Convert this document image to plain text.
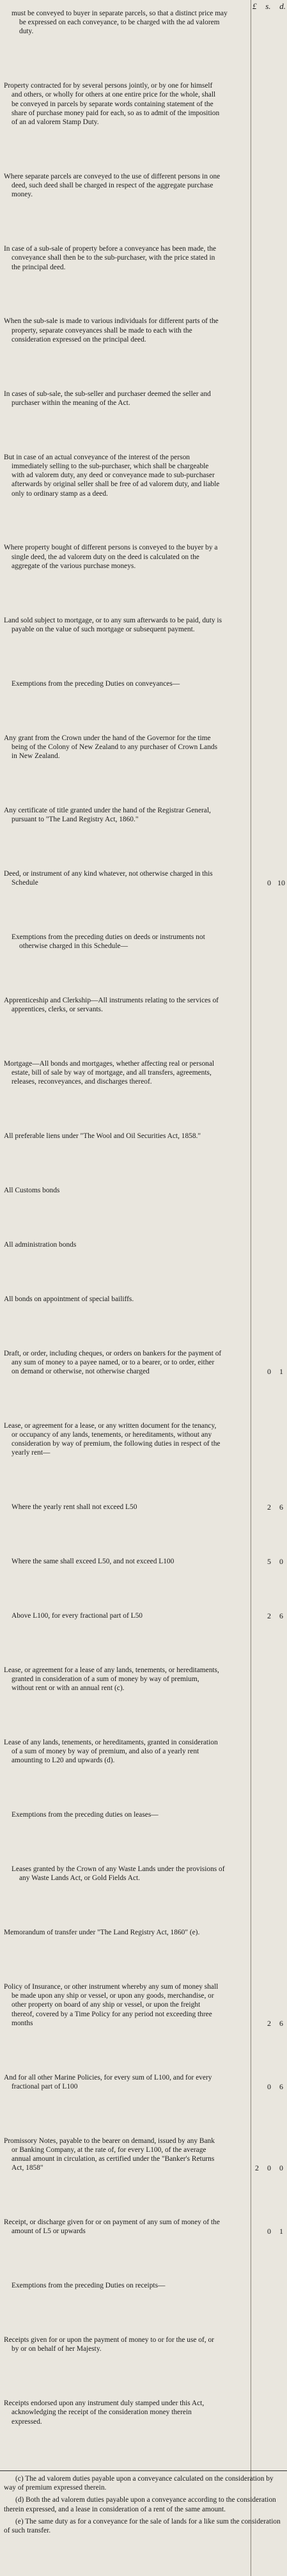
£ s. d.
must be conveyed to buyer in separate parcels, so that a distinct price may be expressed on each conveyance, to be charged with the ad valorem duty.
Property contracted for by several persons jointly, or by one for himself and others, or wholly for others at one entire price for the whole, shall be conveyed in parcels by separate words containing statement of the share of purchase money paid for each, so as to admit of the imposition of an ad valorem Stamp Duty.
Where separate parcels are conveyed to the use of different persons in one deed, such deed shall be charged in respect of the aggregate purchase money.
In case of a sub-sale of property before a conveyance has been made, the conveyance shall then be to the sub-purchaser, with the price stated in the principal deed.
When the sub-sale is made to various individuals for different parts of the property, separate conveyances shall be made to each with the consideration expressed on the principal deed.
In cases of sub-sale, the sub-seller and purchaser deemed the seller and purchaser within the meaning of the Act.
But in case of an actual conveyance of the interest of the person immediately selling to the sub-purchaser, which shall be chargeable with ad valorem duty, any deed or conveyance made to sub-purchaser afterwards by original seller shall be free of ad valorem duty, and liable only to ordinary stamp as a deed.
Where property bought of different persons is conveyed to the buyer by a single deed, the ad valorem duty on the deed is calculated on the aggregate of the various purchase moneys.
Land sold subject to mortgage, or to any sum afterwards to be paid, duty is payable on the value of such mortgage or subsequent payment.
Exemptions from the preceding Duties on conveyances—
Any grant from the Crown under the hand of the Governor for the time being of the Colony of New Zealand to any purchaser of Crown Lands in New Zealand.
Any certificate of title granted under the hand of the Registrar General, pursuant to "The Land Registry Act, 1860."
Deed, or instrument of any kind whatever, not otherwise charged in this Schedule	0 10
Exemptions from the preceding duties on deeds or instruments not otherwise charged in this Schedule—
Apprenticeship and Clerkship—All instruments relating to the services of apprentices, clerks, or servants.
Mortgage—All bonds and mortgages, whether affecting real or personal estate, bill of sale by way of mortgage, and all transfers, agreements, releases, reconveyances, and discharges thereof.
All preferable liens under "The Wool and Oil Securities Act, 1858."
All Customs bonds
All administration bonds
All bonds on appointment of special bailiffs.
Draft, or order, including cheques, or orders on bankers for the payment of any sum of money to a payee named, or to a bearer, or to order, either on demand or otherwise, not otherwise charged	0	1
Lease, or agreement for a lease, or any written document for the tenancy, or occupancy of any lands, tenements, or hereditaments, without any consideration by way of premium, the following duties in respect of the yearly rent—
Where the yearly rent shall not exceed L50	2	6
Where the same shall exceed L50, and not exceed L100	5	0
Above L100, for every fractional part of L50	2	6
Lease, or agreement for a lease of any lands, tenements, or hereditaments, granted in consideration of a sum of money by way of premium, without rent or with an annual rent (c).
Lease of any lands, tenements, or hereditaments, granted in consideration of a sum of money by way of premium, and also of a yearly rent amounting to L20 and upwards (d).
Exemptions from the preceding duties on leases—
Leases granted by the Crown of any Waste Lands under the provisions of any Waste Lands Act, or Gold Fields Act.
Memorandum of transfer under "The Land Registry Act, 1860" (e).
Policy of Insurance, or other instrument whereby any sum of money shall be made upon any ship or vessel, or upon any goods, merchandise, or other property on board of any ship or vessel, or upon the freight thereof, covered by a Time Policy for any period not exceeding three months	2	6
And for all other Marine Policies, for every sum of L100, and for every fractional part of L100	0	6
Promissory Notes, payable to the bearer on demand, issued by any Bank or Banking Company, at the rate of, for every L100, of the average annual amount in circulation, as certified under the "Banker's Returns Act, 1858"	2	0	0
Receipt, or discharge given for or on payment of any sum of money of the amount of L5 or upwards	0	1
Exemptions from the preceding Duties on receipts—
Receipts given for or upon the payment of money to or for the use of, or by or on behalf of her Majesty.
Receipts endorsed upon any instrument duly stamped under this Act, acknowledging the receipt of the consideration money therein expressed.

(c) The ad valorem duties payable upon a conveyance calculated on the consideration by way of premium expressed therein.

(d) Both the ad valorem duties payable upon a conveyance according to the consideration therein expressed, and a lease in consideration of a rent of the same amount.

(e) The same duty as for a conveyance for the sale of lands for a like sum the consideration of such transfer.
